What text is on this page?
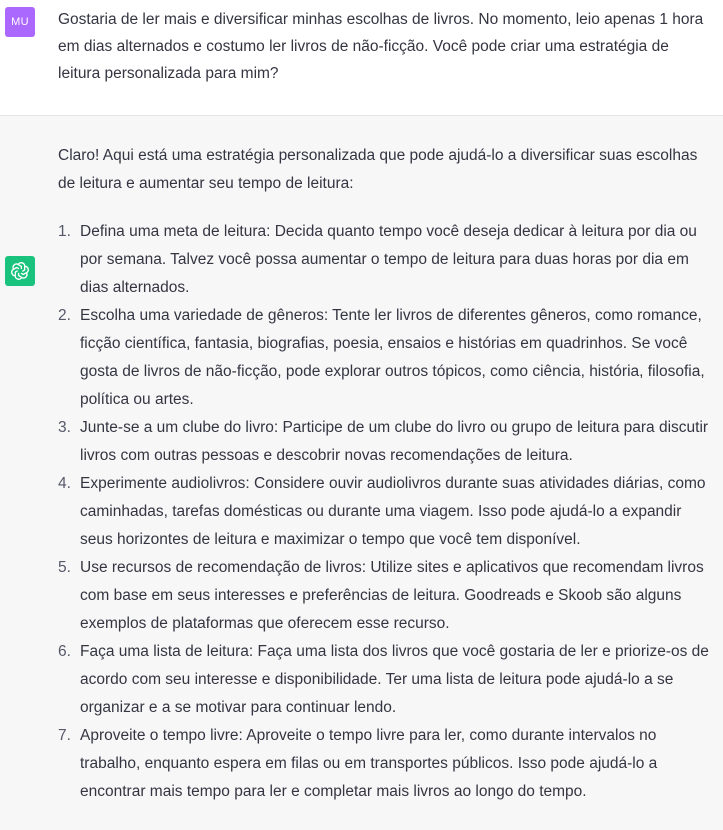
MU Gostaria de ler mais e diversificar minhas escolhas de livros. No momento, leio apenas 1 hora em dias alternados e costumo ler livros de não-ficção. Você pode criar uma estratégia de leitura personalizada para mim?

Claro! Aqui está uma estratégia personalizada que pode ajudá-lo a diversificar suas escolhas de leitura e aumentar seu tempo de leitura:

1. Defina uma meta de leitura: Decida quanto tempo você deseja dedicar à leitura por dia ou por semana. Talvez você possa aumentar o tempo de leitura para duas horas por dia em dias alternados.
2. Escolha uma variedade de gêneros: Tente ler livros de diferentes gêneros, como romance, ficção científica, fantasia, biografias, poesia, ensaios e histórias em quadrinhos. Se você gosta de livros de não-ficção, pode explorar outros tópicos, como ciência, história, filosofia, política ou artes.
3. Junte-se a um clube do livro: Participe de um clube do livro ou grupo de leitura para discutir livros com outras pessoas e descobrir novas recomendações de leitura.
4. Experimente audiolivros: Considere ouvir audiolivros durante suas atividades diárias, como caminhadas, tarefas domésticas ou durante uma viagem. Isso pode ajudá-lo a expandir seus horizontes de leitura e maximizar o tempo que você tem disponível.
5. Use recursos de recomendação de livros: Utilize sites e aplicativos que recomendam livros com base em seus interesses e preferências de leitura. Goodreads e Skoob são alguns exemplos de plataformas que oferecem esse recurso.
6. Faça uma lista de leitura: Faça uma lista dos livros que você gostaria de ler e priorize-os de acordo com seu interesse e disponibilidade. Ter uma lista de leitura pode ajudá-lo a se organizar e a se motivar para continuar lendo.
7. Aproveite o tempo livre: Aproveite o tempo livre para ler, como durante intervalos no trabalho, enquanto espera em filas ou em transportes públicos. Isso pode ajudá-lo a encontrar mais tempo para ler e completar mais livros ao longo do tempo.
